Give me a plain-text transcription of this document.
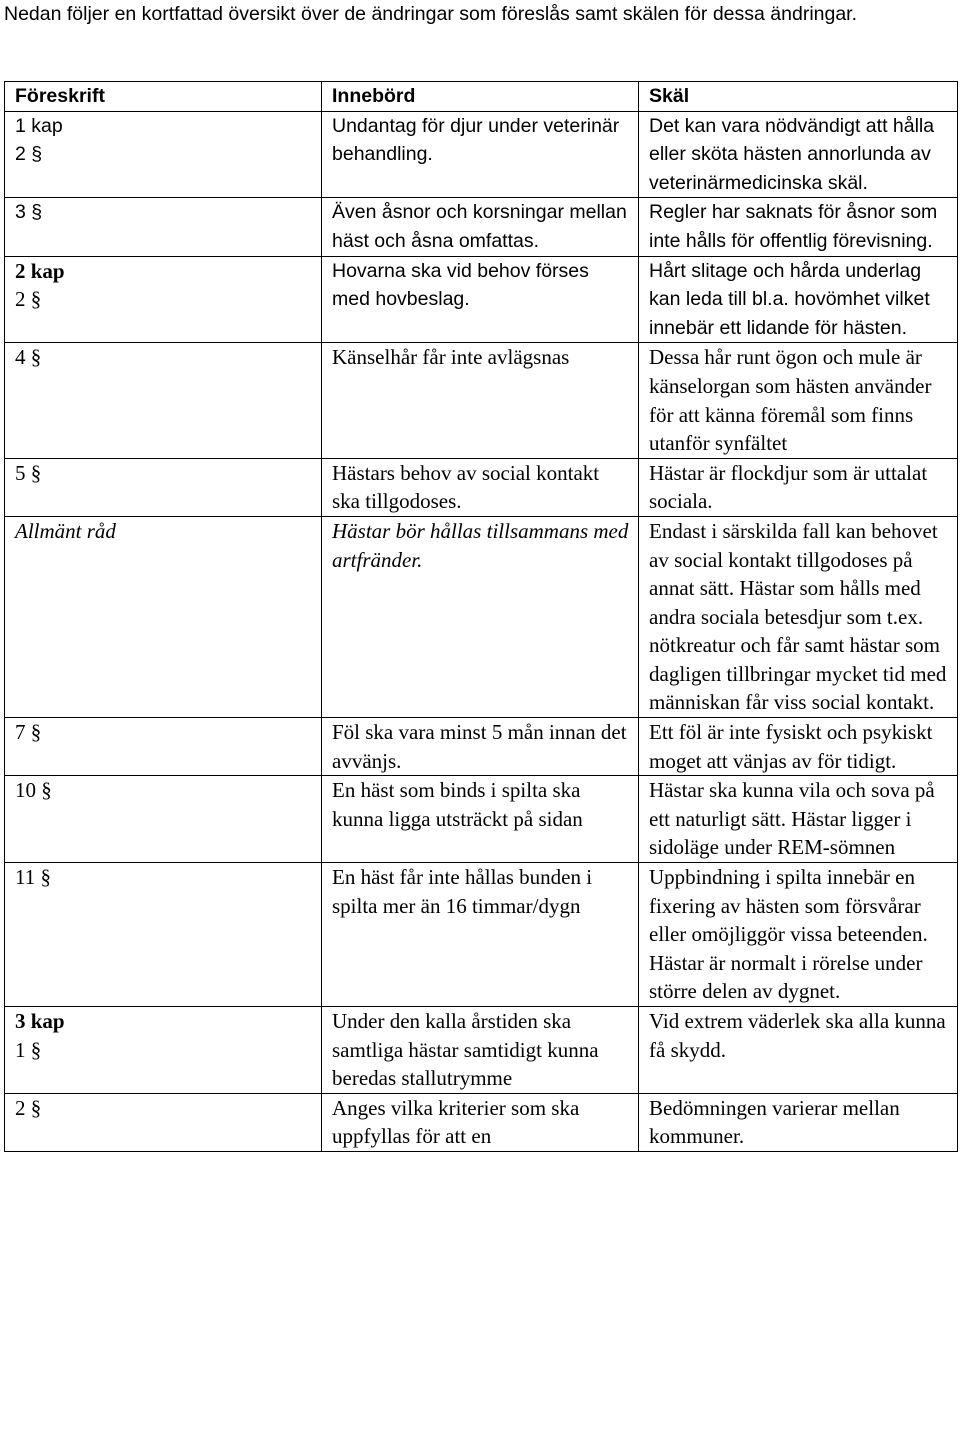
Nedan följer en kortfattad översikt över de ändringar som föreslås samt skälen för dessa ändringar.

Föreskrift	Innebörd	Skäl

1 kap
2 §	Undantag för djur under veterinär behandling.	Det kan vara nödvändigt att hålla eller sköta hästen annorlunda av veterinärmedicinska skäl.

3 §	Även åsnor och korsningar mellan häst och åsna omfattas.	Regler har saknats för åsnor som inte hålls för offentlig förevisning.

2 kap
2 §	Hovarna ska vid behov förses med hovbeslag.	Hårt slitage och hårda underlag kan leda till bl.a. hovömhet vilket innebär ett lidande för hästen.

4 §	Känselhår får inte avlägsnas	Dessa hår runt ögon och mule är känselorgan som hästen använder för att känna föremål som finns utanför synfältet

5 §	Hästars behov av social kontakt ska tillgodoses.	Hästar är flockdjur som är uttalat sociala.

Allmänt råd	Hästar bör hållas tillsammans med artfränder.	Endast i särskilda fall kan behovet av social kontakt tillgodoses på annat sätt. Hästar som hålls med andra sociala betesdjur som t.ex. nötkreatur och får samt hästar som dagligen tillbringar mycket tid med människan får viss social kontakt.

7 §	Föl ska vara minst 5 mån innan det avvänjs.	Ett föl är inte fysiskt och psykiskt moget att vänjas av för tidigt.

10 §	En häst som binds i spilta ska kunna ligga utsträckt på sidan	Hästar ska kunna vila och sova på ett naturligt sätt. Hästar ligger i sidoläge under REM-sömnen

11 §	En häst får inte hållas bunden i spilta mer än 16 timmar/dygn	Uppbindning i spilta innebär en fixering av hästen som försvårar eller omöjliggör vissa beteenden. Hästar är normalt i rörelse under större delen av dygnet.

3 kap
1 §	Under den kalla årstiden ska samtliga hästar samtidigt kunna beredas stallutrymme	Vid extrem väderlek ska alla kunna få skydd.

2 §	Anges vilka kriterier som ska uppfyllas för att en	Bedömningen varierar mellan kommuner.
